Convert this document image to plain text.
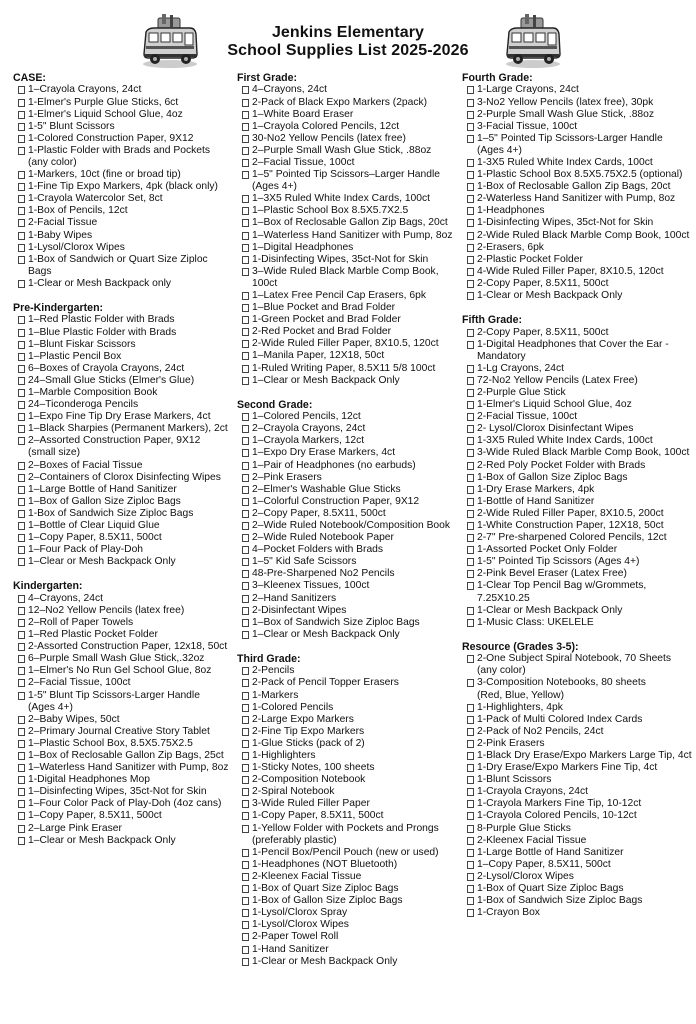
Jenkins Elementary
School Supplies List 2025-2026
CASE:
1–Crayola Crayons, 24ct
1-Elmer's Purple Glue Sticks, 6ct
1-Elmer's Liquid School Glue, 4oz
1-5" Blunt Scissors
1-Colored Construction Paper, 9X12
1-Plastic Folder with Brads and Pockets
(any color)
1-Markers, 10ct (fine or broad tip)
1-Fine Tip Expo Markers, 4pk (black only)
1-Crayola Watercolor Set, 8ct
1-Box of Pencils, 12ct
2-Facial Tissue
1-Baby Wipes
1-Lysol/Clorox Wipes
1-Box of Sandwich or Quart Size Ziploc Bags
1-Clear or Mesh Backpack only
Pre-Kindergarten:
1–Red Plastic Folder with Brads
1–Blue Plastic Folder with Brads
1–Blunt Fiskar Scissors
1–Plastic Pencil Box
6–Boxes of Crayola Crayons, 24ct
24–Small Glue Sticks (Elmer's Glue)
1–Marble Composition Book
24–Ticonderoga Pencils
1–Expo Fine Tip Dry Erase Markers, 4ct
1–Black Sharpies (Permanent Markers), 2ct
2–Assorted Construction Paper, 9X12
(small size)
2–Boxes of Facial Tissue
2–Containers of Clorox Disinfecting Wipes
1–Large Bottle of Hand Sanitizer
1–Box of Gallon Size Ziploc Bags
1-Box of Sandwich Size Ziploc Bags
1–Bottle of Clear Liquid Glue
1–Copy Paper, 8.5X11, 500ct
1–Four Pack of Play-Doh
1–Clear or Mesh Backpack Only
Kindergarten:
4–Crayons, 24ct
12–No2 Yellow Pencils (latex free)
2–Roll of Paper Towels
1–Red Plastic Pocket Folder
2-Assorted Construction Paper, 12x18, 50ct
6–Purple Small Wash Glue Stick,.32oz
1–Elmer's No Run Gel School Glue, 8oz
2–Facial Tissue, 100ct
1-5" Blunt Tip Scissors-Larger Handle
(Ages 4+)
2–Baby Wipes, 50ct
2–Primary Journal Creative Story Tablet
1–Plastic School Box, 8.5X5.75X2.5
1–Box of Reclosable Gallon Zip Bags, 25ct
1–Waterless Hand Sanitizer with Pump, 8oz
1-Digital Headphones Mop
1–Disinfecting Wipes, 35ct-Not for Skin
1–Four Color Pack of Play-Doh (4oz cans)
1–Copy Paper, 8.5X11, 500ct
2–Large Pink Eraser
1–Clear or Mesh Backpack Only
First Grade:
4–Crayons, 24ct
2-Pack of Black Expo Markers (2pack)
1–White Board Eraser
1–Crayola Colored Pencils, 12ct
30-No2 Yellow Pencils (latex free)
2–Purple Small Wash Glue Stick, .88oz
2–Facial Tissue, 100ct
1–5" Pointed Tip Scissors–Larger Handle
(Ages 4+)
1–3X5 Ruled White Index Cards, 100ct
1–Plastic School Box 8.5X5.7X2.5
1–Box of Reclosable Gallon Zip Bags, 20ct
1–Waterless Hand Sanitizer with Pump, 8oz
1–Digital Headphones
1-Disinfecting Wipes, 35ct-Not for Skin
3–Wide Ruled Black Marble Comp Book, 100ct
1–Latex Free Pencil Cap Erasers, 6pk
1–Blue Pocket and Brad Folder
1-Green Pocket and Brad Folder
2-Red Pocket and Brad Folder
2-Wide Ruled Filler Paper, 8X10.5, 120ct
1–Manila Paper, 12X18, 50ct
1-Ruled Writing Paper, 8.5X11 5/8 100ct
1–Clear or Mesh Backpack Only
Second Grade:
1–Colored Pencils, 12ct
2–Crayola Crayons, 24ct
1–Crayola Markers, 12ct
1–Expo Dry Erase Markers, 4ct
1–Pair of Headphones (no earbuds)
2–Pink Erasers
2–Elmer's Washable Glue Sticks
1–Colorful Construction Paper, 9X12
2–Copy Paper, 8.5X11, 500ct
2–Wide Ruled Notebook/Composition Book
2–Wide Ruled Notebook Paper
4–Pocket Folders with Brads
1–5" Kid Safe Scissors
48-Pre-Sharpened No2 Pencils
3–Kleenex Tissues, 100ct
2–Hand Sanitizers
2-Disinfectant Wipes
1–Box of Sandwich Size Ziploc Bags
1–Clear or Mesh Backpack Only
Third Grade:
2-Pencils
2-Pack of Pencil Topper Erasers
1-Markers
1-Colored Pencils
2-Large Expo Markers
2-Fine Tip Expo Markers
1-Glue Sticks (pack of 2)
1-Highlighters
1-Sticky Notes, 100 sheets
2-Composition Notebook
2-Spiral Notebook
3-Wide Ruled Filler Paper
1-Copy Paper, 8.5X11, 500ct
1-Yellow Folder with Pockets and Prongs
(preferably plastic)
1-Pencil Box/Pencil Pouch (new or used)
1-Headphones (NOT Bluetooth)
2-Kleenex Facial Tissue
1-Box of Quart Size Ziploc Bags
1-Box of Gallon Size Ziploc Bags
1-Lysol/Clorox Spray
1-Lysol/Clorox Wipes
2-Paper Towel Roll
1-Hand Sanitizer
1-Clear or Mesh Backpack Only
Fourth Grade:
1-Large Crayons, 24ct
3-No2 Yellow Pencils (latex free), 30pk
2-Purple Small Wash Glue Stick, .88oz
3-Facial Tissue, 100ct
1–5" Pointed Tip Scissors-Larger Handle
(Ages 4+)
1-3X5 Ruled White Index Cards, 100ct
1-Plastic School Box 8.5X5.75X2.5 (optional)
1-Box of Reclosable Gallon Zip Bags, 20ct
2-Waterless Hand Sanitizer with Pump, 8oz
1-Headphones
1-Disinfecting Wipes, 35ct-Not for Skin
2-Wide Ruled Black Marble Comp Book, 100ct
2-Erasers, 6pk
2-Plastic Pocket Folder
4-Wide Ruled Filler Paper, 8X10.5, 120ct
2-Copy Paper, 8.5X11, 500ct
1-Clear or Mesh Backpack Only
Fifth Grade:
2-Copy Paper, 8.5X11, 500ct
1-Digital Headphones that Cover the Ear -
Mandatory
1-Lg Crayons, 24ct
72-No2 Yellow Pencils (Latex Free)
2-Purple Glue Stick
1-Elmer's Liquid School Glue, 4oz
2-Facial Tissue, 100ct
2- Lysol/Clorox Disinfectant Wipes
1-3X5 Ruled White Index Cards, 100ct
3-Wide Ruled Black Marble Comp Book, 100ct
2-Red Poly Pocket Folder with Brads
1-Box of Gallon Size Ziploc Bags
1-Dry Erase Markers, 4pk
1-Bottle of Hand Sanitizer
2-Wide Ruled Filler Paper, 8X10.5, 200ct
1-White Construction Paper, 12X18, 50ct
2-7" Pre-sharpened Colored Pencils, 12ct
1-Assorted Pocket Only Folder
1-5" Pointed Tip Scissors (Ages 4+)
2-Pink Bevel Eraser (Latex Free)
1-Clear Top Pencil Bag w/Grommets,
7.25X10.25
1-Clear or Mesh Backpack Only
1-Music Class: UKELELE
Resource (Grades 3-5):
2-One Subject Spiral Notebook, 70 Sheets
(any color)
3-Composition Notebooks, 80 sheets
(Red, Blue, Yellow)
1-Highlighters, 4pk
1-Pack of Multi Colored Index Cards
2-Pack of No2 Pencils, 24ct
2-Pink Erasers
1-Black Dry Erase/Expo Markers Large Tip, 4ct
1-Dry Erase/Expo Markers Fine Tip, 4ct
1-Blunt Scissors
1-Crayola Crayons, 24ct
1-Crayola Markers Fine Tip, 10-12ct
1-Crayola Colored Pencils, 10-12ct
8-Purple Glue Sticks
2-Kleenex Facial Tissue
1-Large Bottle of Hand Sanitizer
1–Copy Paper, 8.5X11, 500ct
2-Lysol/Clorox Wipes
1-Box of Quart Size Ziploc Bags
1-Box of Sandwich Size Ziploc Bags
1-Crayon Box
